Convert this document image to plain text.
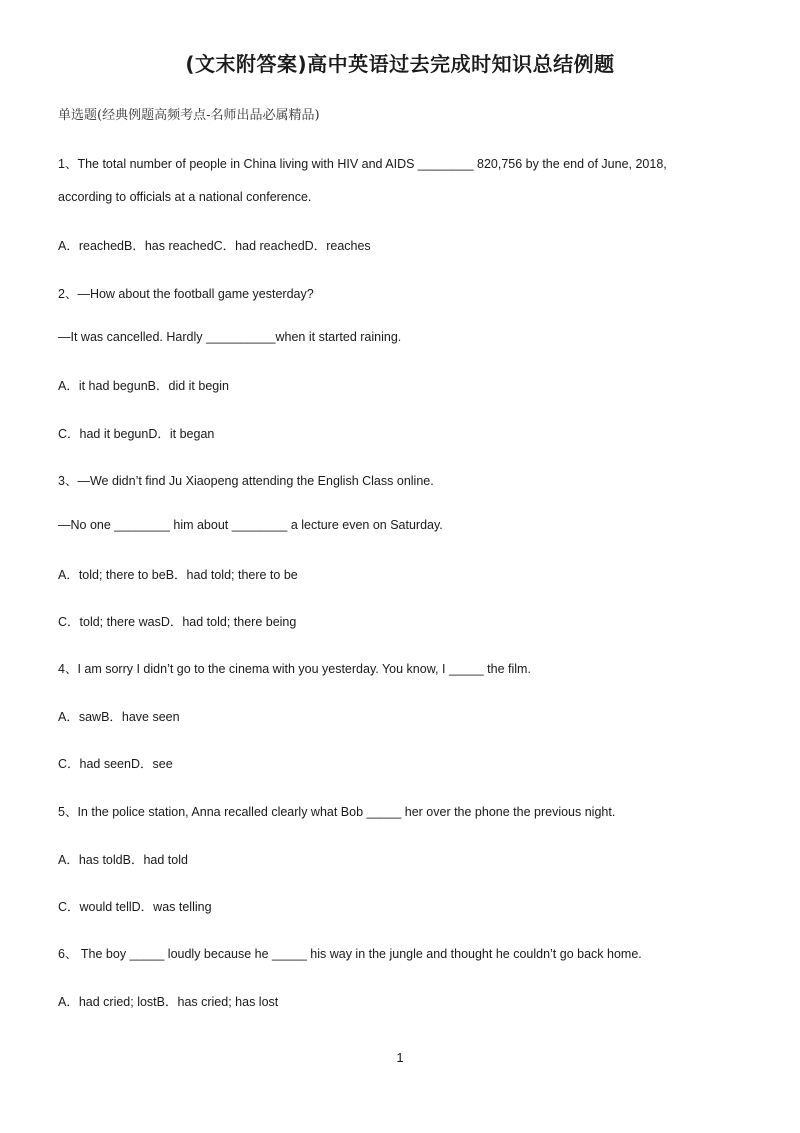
(文末附答案)高中英语过去完成时知识总结例题
单选题(经典例题高频考点-名师出品必属精品)
1、The total number of people in China living with HIV and AIDS ________ 820,756 by the end of June, 2018,
according to officials at a national conference.
A．reachedB．has reachedC．had reachedD．reaches
2、—How about the football game yesterday?
—It was cancelled. Hardly __________when it started raining.
A．it had begunB．did it begin
C．had it begunD．it began
3、—We didn’t find Ju Xiaopeng attending the English Class online.
—No one ________ him about ________ a lecture even on Saturday.
A．told; there to beB．had told; there to be
C．told; there wasD．had told; there being
4、I am sorry I didn’t go to the cinema with you yesterday. You know, I _____ the film.
A．sawB．have seen
C．had seenD．see
5、In the police station, Anna recalled clearly what Bob _____ her over the phone the previous night.
A．has toldB．had told
C．would tellD．was telling
6、 The boy _____ loudly because he _____ his way in the jungle and thought he couldn’t go back home.
A．had cried; lostB．has cried; has lost
1
